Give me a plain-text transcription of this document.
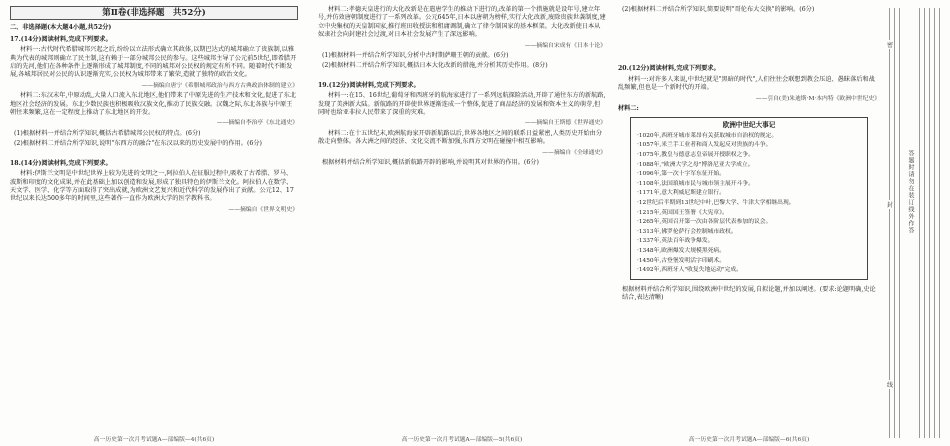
第Ⅱ卷(非选择题　共52分)

二、非选择题(本大题4小题,共52分)

17.(14分)阅读材料,完成下列要求。

材料一:古代时代希腊城邦兴起之后,纷纷以立法形式确立其政体,以期巴达式的城邦确立了贵族制,以雅典为代表的城邦则确立了民主制,这有赖于一部分城邦公民的参与。这些城邦主导了公元前5世纪,即希腊开启的先河,他们在各种条件上逐渐形成了城邦制度,不同的城邦对公民权的规定有所不同。随着时代不断发展,各城邦居民对公民的认识逐渐充实,公民权为城邦带来了繁荣,造就了独特的政治文化。

——摘编自唐宁《希腊城邦政治与西方古典政治体制的建立》

材料二:东汉末年,中原动乱,大量人口流入东北地区,他们带来了中原先进的生产技术和文化,促进了东北地区社会经济的发展。东北少数民族也积极吸收汉族文化,推动了民族交融。汉魏之际,东北各族与中原王朝往来频繁,这在一定程度上推动了东北地区的开发。

——摘编自李治亭《东北通史》

(1)根据材料一并结合所学知识,概括古希腊城邦公民权的特点。(6分)

(2)根据材料二并结合所学知识,说明"东西方的融合"在东汉以来的历史发展中的作用。(6分)

18.(14分)阅读材料,完成下列要求。

材料:伊斯兰文明是中世纪世界上较为先进的文明之一,阿拉伯人在征服过程中,吸收了古希腊、罗马、波斯和印度的文化成果,并在此基础上加以创造和发展,形成了独具特色的伊斯兰文化。阿拉伯人在数学、天文学、医学、化学等方面取得了突出成就,为欧洲文艺复兴和近代科学的发展作出了贡献。公元12、17世纪以来长达500多年的时间里,这些著作一直作为欧洲大学的医学教科书。

——摘编自《世界文明史》

高一历史第一次月考试题A—部编版—4(共6页)

材料二:孝德天皇进行的大化改新是在遣唐学生的推动下进行的,改革的第一个措施就是设年号,建立年号,并仿效唐朝制度进行了一系列改革。公元645年,日本以唐朝为榜样,实行大化改新,废除贵族世袭制度,建立中央集权的天皇制国家,推行班田收授法和租庸调制,确立了律令制国家的基本框架。大化改新使日本从奴隶社会向封建社会过渡,对日本社会发展产生了深远影响。

——摘编自宋成有《日本十论》

(1)根据材料一并结合所学知识,分析中古时期萨珊王朝的贡献。(6分)

(2)根据材料二并结合所学知识,概括日本大化改新的措施,并分析其历史作用。(8分)

19.(12分)阅读材料,完成下列要求。

材料一:在15、16世纪,葡萄牙和西班牙的航海家进行了一系列远航探险活动,开辟了通往东方的新航路,发现了美洲新大陆。新航路的开辟使世界逐渐连成一个整体,促进了商品经济的发展和资本主义的萌芽,但同时也给亚非拉人民带来了深重的灾难。

——摘编自王斯德《世界通史》

材料二:在十五世纪末,欧洲航海家开辟新航路以后,世界各地区之间的联系日益紧密,人类历史开始由分散走向整体。各大洲之间的经济、文化交流不断加强,东西方文明在碰撞中相互影响。

——摘编自《全球通史》

根据材料并结合所学知识,概括新航路开辟的影响,并说明其对世界的作用。(6分)

高一历史第一次月考试题A—部编版—5(共6页)

(2)根据材料二并结合所学知识,简要说明"哥伦布大交换"的影响。(6分)

20.(12分)阅读材料,完成下列要求。

材料一:对许多人来说,中世纪就是"黑暗的时代",人们往往会联想到教会压迫、愚昧落后和战乱频繁,但也是一个新时代的开端。

——引自(美)朱迪斯·M·本内特《欧洲中世纪史》

材料二:

欧洲中世纪大事记
·1020年,西班牙城市莱昂有关获取城市自治权的规定。
·1057年,米兰手工业者和商人发起反对贵族的斗争。
·1075年,教皇与德意志皇帝展开授职权之争。
·1088年,"欧洲大学之母"博洛尼亚大学成立。
·1096年,第一次十字军东征开始。
·1108年,法国琅城市民与城市领主展开斗争。
·1171年,意大利威尼斯建立银行。
·12世纪后半期到13世纪中叶,巴黎大学、牛津大学相继出现。
·1215年,英国国王签署《大宪章》。
·1265年,英国召开第一次由各阶层代表参加的议会。
·1313年,佛罗伦萨行会控制城市政权。
·1337年,英法百年战争爆发。
·1348年,欧洲爆发大规模黑死病。
·1450年,古登堡发明活字印刷术。
·1492年,西班牙人"收复失地运动"完成。

根据材料并结合所学知识,围绕欧洲中世纪的发展,自拟论题,并加以阐述。(要求:论题明确,史论结合,表达清晰)

高一历史第一次月考试题A—部编版—6(共6页)
答题时请勿在装订线外作答
密
封
线
